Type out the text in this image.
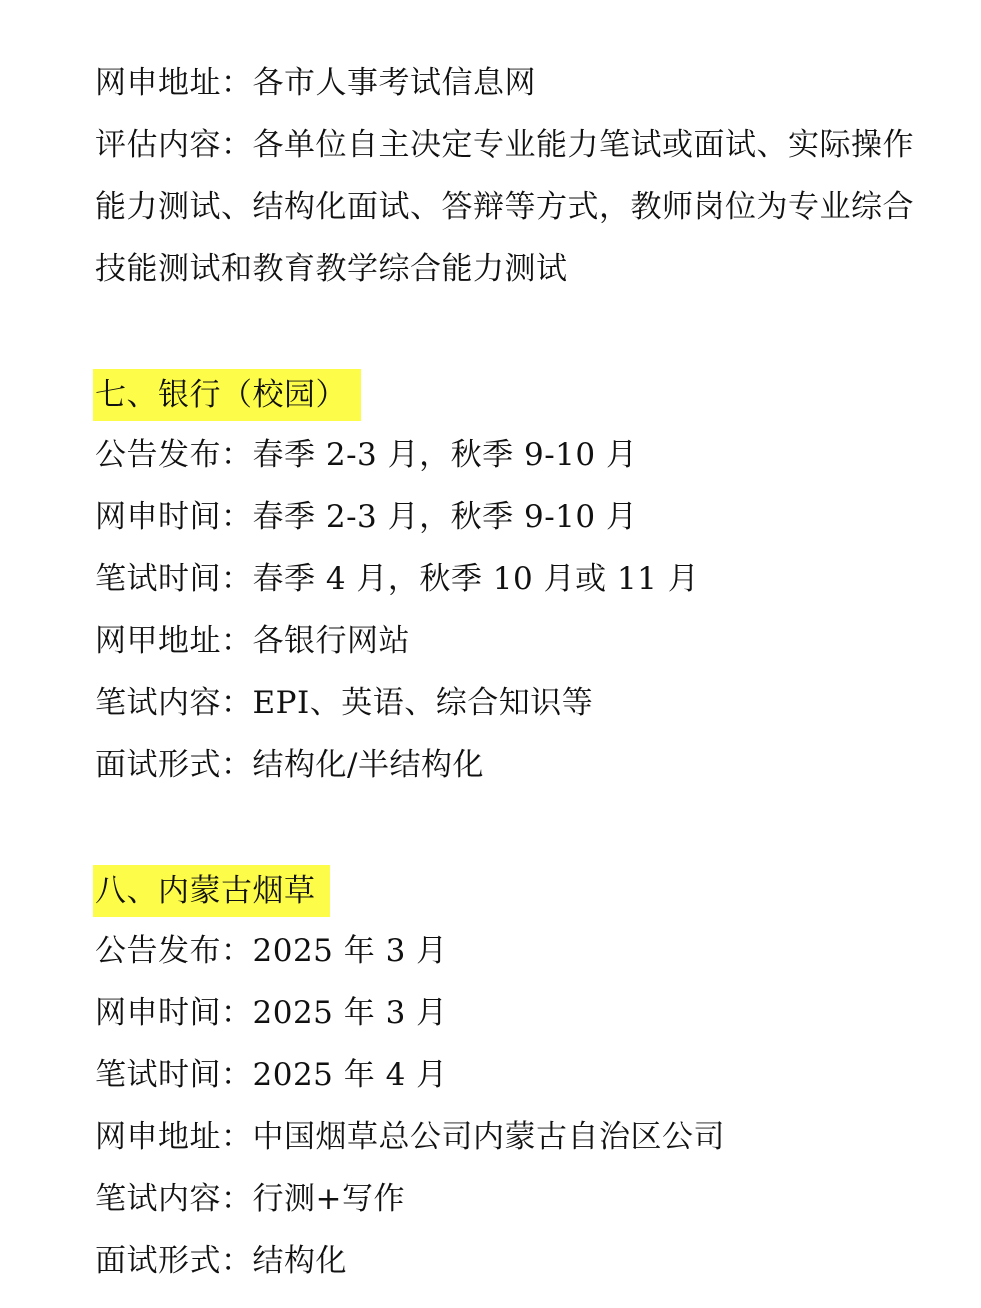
网申地址：各市人事考试信息网
评估内容：各单位自主决定专业能力笔试或面试、实际操作
能力测试、结构化面试、答辩等方式，教师岗位为专业综合
技能测试和教育教学综合能力测试
七、银行（校园）
公告发布：春季 2-3 月，秋季 9-10 月
网申时间：春季 2-3 月，秋季 9-10 月
笔试时间：春季 4 月，秋季 10 月或 11 月
网甲地址：各银行网站
笔试内容：EPI、英语、综合知识等
面试形式：结构化/半结构化
八、内蒙古烟草
公告发布：2025 年 3 月
网申时间：2025 年 3 月
笔试时间：2025 年 4 月
网申地址：中国烟草总公司内蒙古自治区公司
笔试内容：行测+写作
面试形式：结构化
